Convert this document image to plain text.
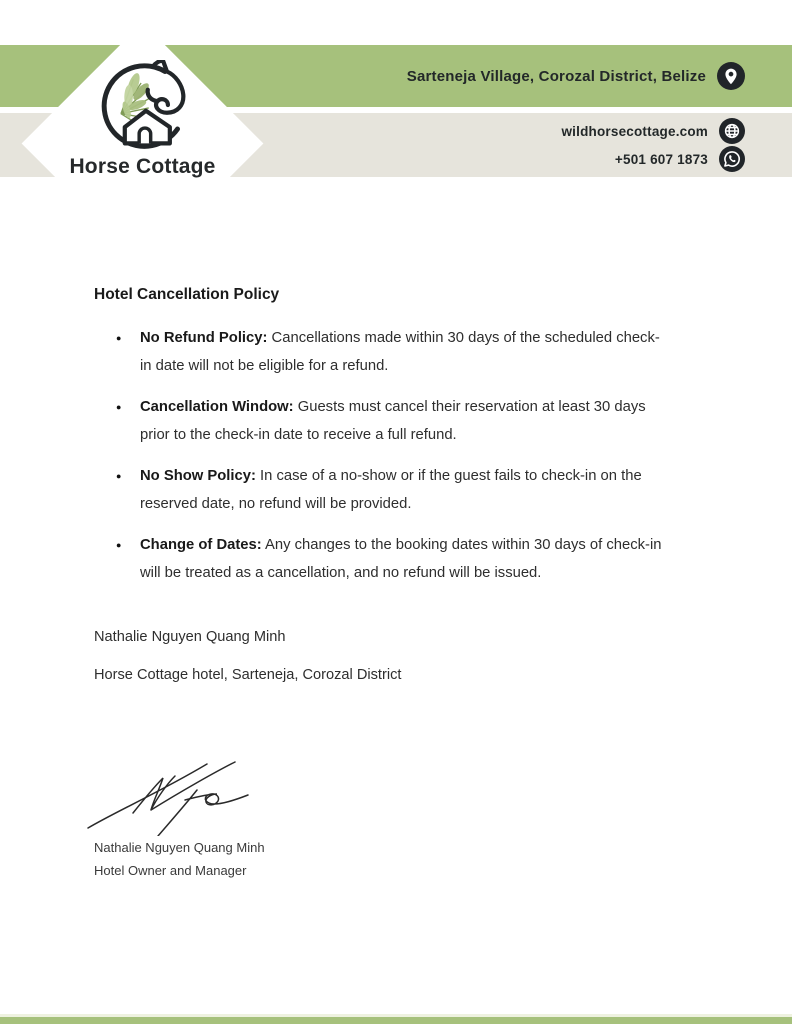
Sarteneja Village, Corozal District, Belize
wildhorsecottage.com
+501 607 1873
Horse Cottage
Hotel Cancellation Policy
● No Refund Policy: Cancellations made within 30 days of the scheduled check-in date will not be eligible for a refund.
● Cancellation Window: Guests must cancel their reservation at least 30 days prior to the check-in date to receive a full refund.
● No Show Policy: In case of a no-show or if the guest fails to check-in on the reserved date, no refund will be provided.
● Change of Dates: Any changes to the booking dates within 30 days of check-in will be treated as a cancellation, and no refund will be issued.

Nathalie Nguyen Quang Minh

Horse Cottage hotel, Sarteneja, Corozal District

Nathalie Nguyen Quang Minh
Hotel Owner and Manager
